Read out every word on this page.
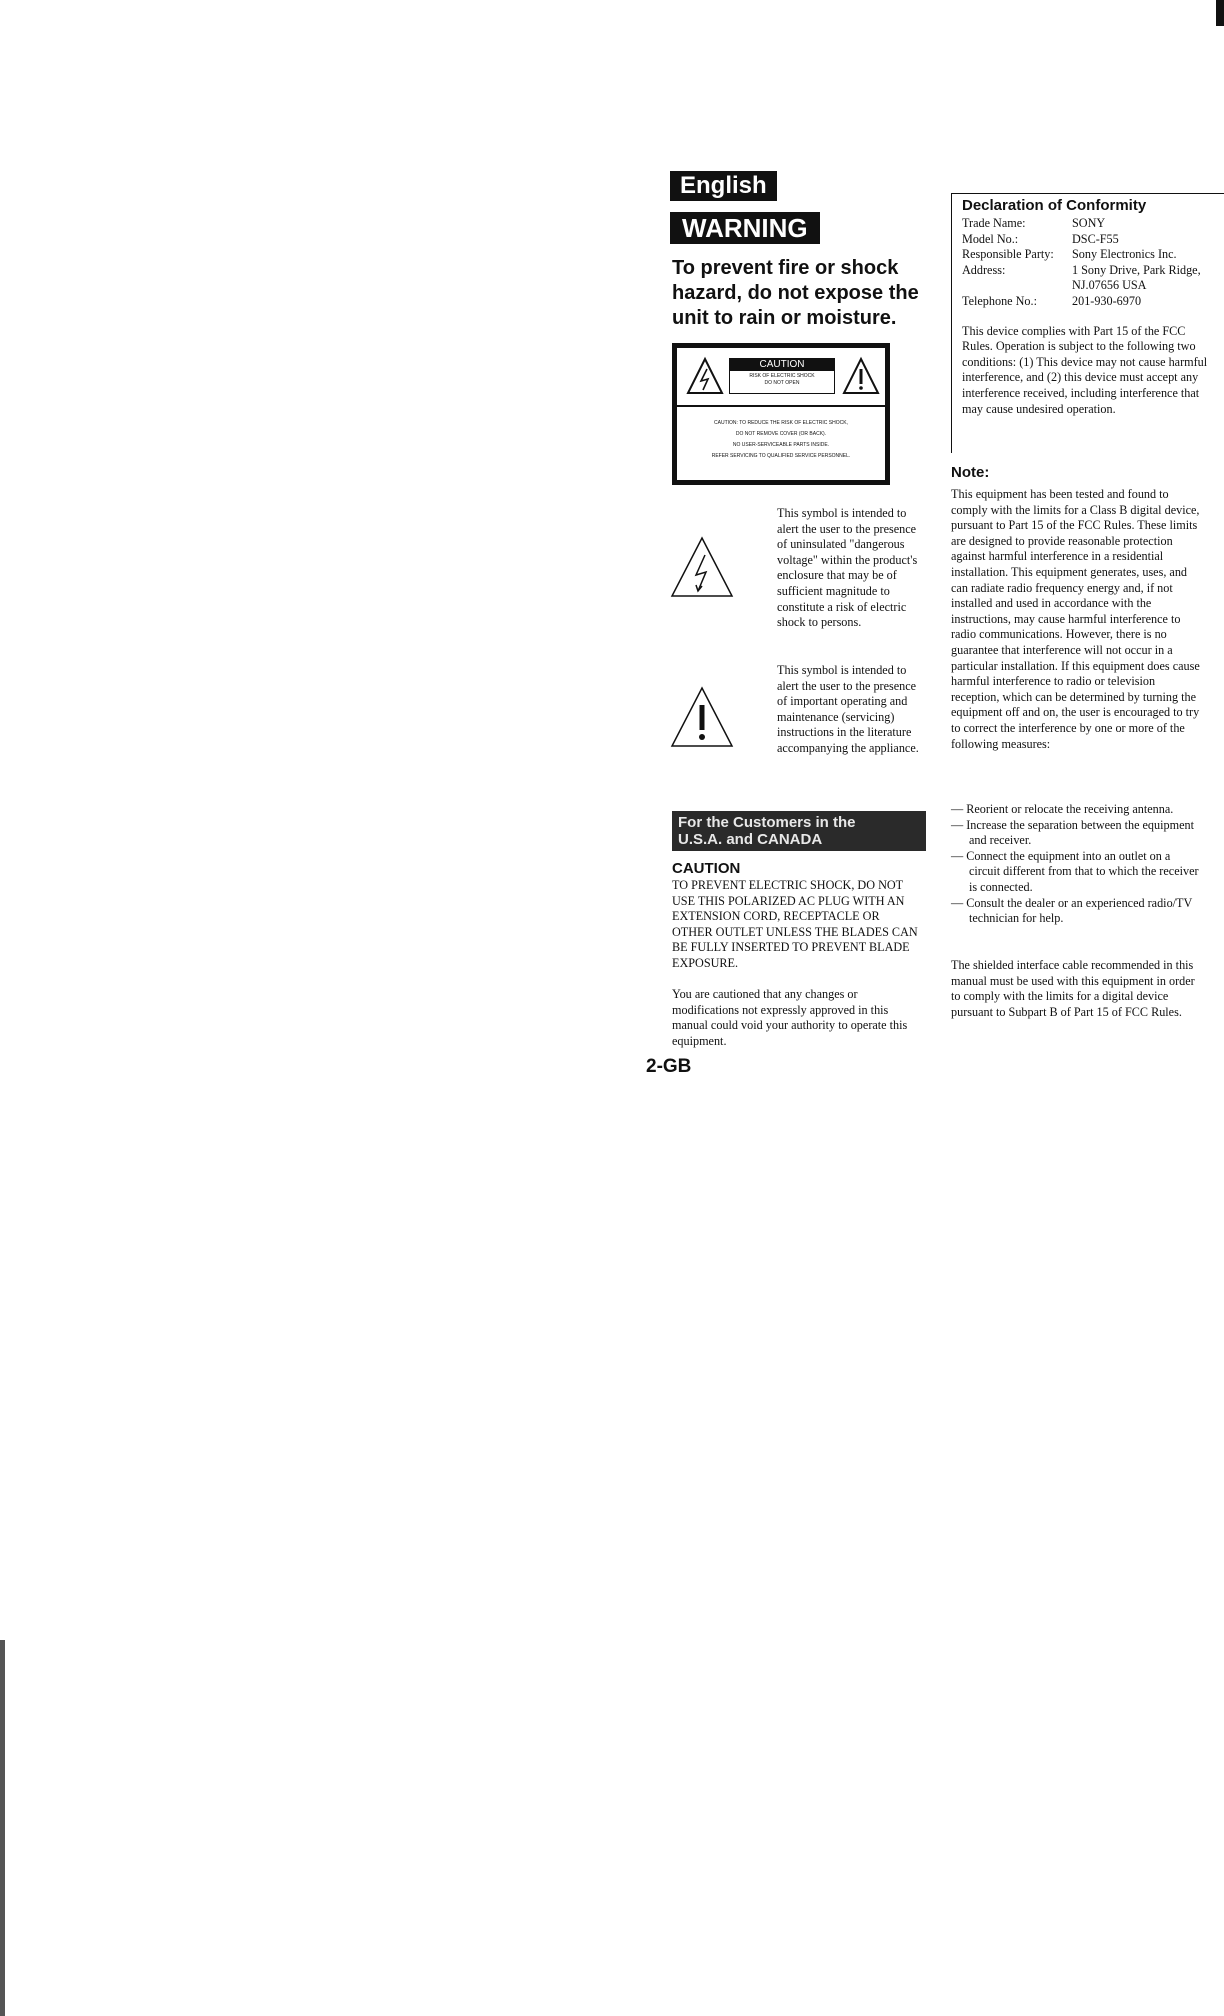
English
WARNING
To prevent fire or shock hazard, do not expose the unit to rain or moisture.
CAUTION
RISK OF ELECTRIC SHOCK
DO NOT OPEN
CAUTION: TO REDUCE THE RISK OF ELECTRIC SHOCK,
DO NOT REMOVE COVER (OR BACK).
NO USER-SERVICEABLE PARTS INSIDE.
REFER SERVICING TO QUALIFIED SERVICE PERSONNEL.
This symbol is intended to alert the user to the presence of uninsulated "dangerous voltage" within the product's enclosure that may be of sufficient magnitude to constitute a risk of electric shock to persons.
This symbol is intended to alert the user to the presence of important operating and maintenance (servicing) instructions in the literature accompanying the appliance.
For the Customers in the
U.S.A. and CANADA
CAUTION
TO PREVENT ELECTRIC SHOCK, DO NOT USE THIS POLARIZED AC PLUG WITH AN EXTENSION CORD, RECEPTACLE OR OTHER OUTLET UNLESS THE BLADES CAN BE FULLY INSERTED TO PREVENT BLADE EXPOSURE.
You are cautioned that any changes or modifications not expressly approved in this manual could void your authority to operate this equipment.
2-GB
Declaration of Conformity
Trade Name:	SONY
Model No.:	DSC-F55
Responsible Party:	Sony Electronics Inc.
Address:	1 Sony Drive, Park Ridge, NJ.07656 USA
Telephone No.:	201-930-6970
This device complies with Part 15 of the FCC Rules. Operation is subject to the following two conditions: (1) This device may not cause harmful interference, and (2) this device must accept any interference received, including interference that may cause undesired operation.
Note:
This equipment has been tested and found to comply with the limits for a Class B digital device, pursuant to Part 15 of the FCC Rules. These limits are designed to provide reasonable protection against harmful interference in a residential installation. This equipment generates, uses, and can radiate radio frequency energy and, if not installed and used in accordance with the instructions, may cause harmful interference to radio communications. However, there is no guarantee that interference will not occur in a particular installation. If this equipment does cause harmful interference to radio or television reception, which can be determined by turning the equipment off and on, the user is encouraged to try to correct the interference by one or more of the following measures:
— Reorient or relocate the receiving antenna.
— Increase the separation between the equipment and receiver.
— Connect the equipment into an outlet on a circuit different from that to which the receiver is connected.
— Consult the dealer or an experienced radio/TV technician for help.
The shielded interface cable recommended in this manual must be used with this equipment in order to comply with the limits for a digital device pursuant to Subpart B of Part 15 of FCC Rules.
